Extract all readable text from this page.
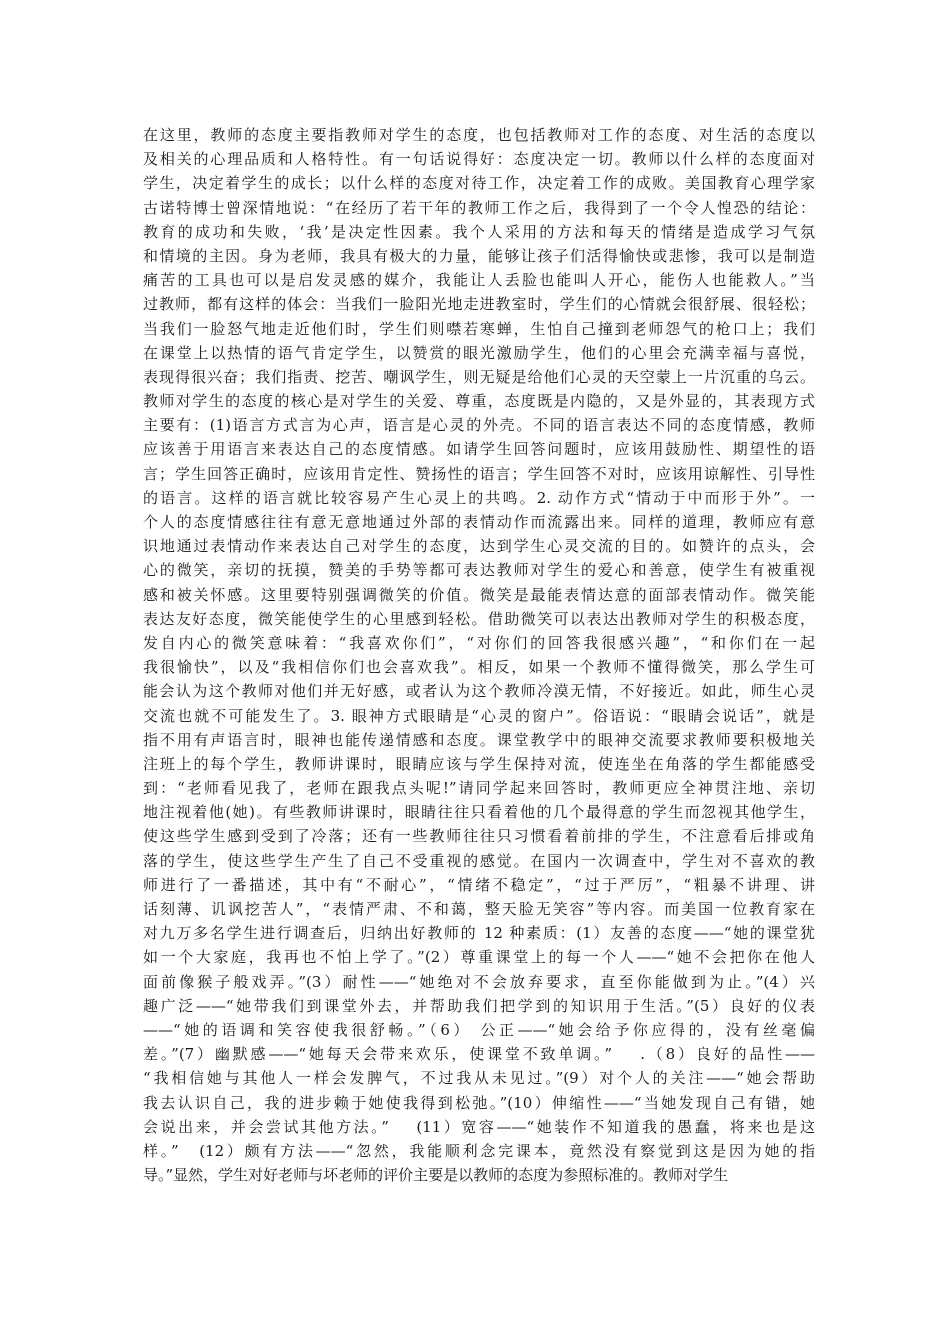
在这里，教师的态度主要指教师对学生的态度，也包括教师对工作的态度、对生活的态度以
及相关的心理品质和人格特性。有一句话说得好：态度决定一切。教师以什么样的态度面对
学生，决定着学生的成长；以什么样的态度对待工作，决定着工作的成败。美国教育心理学家
古诺特博士曾深情地说：“在经历了若干年的教师工作之后，我得到了一个令人惶恐的结论：
教育的成功和失败，‘我’是决定性因素。我个人采用的方法和每天的情绪是造成学习气氛
和情境的主因。身为老师，我具有极大的力量，能够让孩子们活得愉快或悲惨，我可以是制造
痛苦的工具也可以是启发灵感的媒介，我能让人丢脸也能叫人开心，能伤人也能救人。”当
过教师，都有这样的体会：当我们一脸阳光地走进教室时，学生们的心情就会很舒展、很轻松；
当我们一脸怒气地走近他们时，学生们则噤若寒蝉，生怕自己撞到老师怨气的枪口上；我们
在课堂上以热情的语气肯定学生，以赞赏的眼光激励学生，他们的心里会充满幸福与喜悦，
表现得很兴奋；我们指责、挖苦、嘲讽学生，则无疑是给他们心灵的天空蒙上一片沉重的乌云。
教师对学生的态度的核心是对学生的关爱、尊重，态度既是内隐的，又是外显的，其表现方式
主要有：(1)语言方式言为心声，语言是心灵的外壳。不同的语言表达不同的态度情感，教师
应该善于用语言来表达自己的态度情感。如请学生回答问题时，应该用鼓励性、期望性的语
言；学生回答正确时，应该用肯定性、赞扬性的语言；学生回答不对时，应该用谅解性、引导性
的语言。这样的语言就比较容易产生心灵上的共鸣。2. 动作方式“情动于中而形于外”。一
个人的态度情感往往有意无意地通过外部的表情动作而流露出来。同样的道理，教师应有意
识地通过表情动作来表达自己对学生的态度，达到学生心灵交流的目的。如赞许的点头，会
心的微笑，亲切的抚摸，赞美的手势等都可表达教师对学生的爱心和善意，使学生有被重视
感和被关怀感。这里要特别强调微笑的价值。微笑是最能表情达意的面部表情动作。微笑能
表达友好态度，微笑能使学生的心里感到轻松。借助微笑可以表达出教师对学生的积极态度，
发自内心的微笑意味着：“我喜欢你们”，“对你们的回答我很感兴趣”，“和你们在一起
我很愉快”，以及“我相信你们也会喜欢我”。相反，如果一个教师不懂得微笑，那么学生可
能会认为这个教师对他们并无好感，或者认为这个教师冷漠无情，不好接近。如此，师生心灵
交流也就不可能发生了。3. 眼神方式眼睛是“心灵的窗户”。俗语说：“眼睛会说话”，就是
指不用有声语言时，眼神也能传递情感和态度。课堂教学中的眼神交流要求教师要积极地关
注班上的每个学生，教师讲课时，眼睛应该与学生保持对流，使连坐在角落的学生都能感受
到：“老师看见我了，老师在跟我点头呢!”请同学起来回答时，教师更应全神贯注地、亲切
地注视着他(她)。有些教师讲课时，眼睛往往只看着他的几个最得意的学生而忽视其他学生，
使这些学生感到受到了冷落；还有一些教师往往只习惯看着前排的学生，不注意看后排或角
落的学生，使这些学生产生了自己不受重视的感觉。在国内一次调查中，学生对不喜欢的教
师进行了一番描述，其中有“不耐心”，“情绪不稳定”，“过于严厉”，“粗暴不讲理、讲
话刻薄、讥讽挖苦人”，“表情严肃、不和蔼，整天脸无笑容”等内容。而美国一位教育家在
对九万多名学生进行调查后，归纳出好教师的 12 种素质：(1）友善的态度——“她的课堂犹
如一个大家庭，我再也不怕上学了。”(2）尊重课堂上的每一个人——“她不会把你在他人
面前像猴子般戏弄。”(3）耐性——“她绝对不会放弃要求，直至你能做到为止。”(4）兴
趣广泛——“她带我们到课堂外去，并帮助我们把学到的知识用于生活。”(5）良好的仪表
——“她的语调和笑容使我很舒畅。”（6） 公正——“她会给予你应得的，没有丝毫偏
差。”(7）幽默感——“她每天会带来欢乐，使课堂不致单调。”　 .（8）良好的品性——
“我相信她与其他人一样会发脾气，不过我从未见过。”(9）对个人的关注——“她会帮助
我去认识自己，我的进步赖于她使我得到松弛。”(10）伸缩性——“当她发现自己有错，她
会说出来，并会尝试其他方法。”　 (11）宽容——“她装作不知道我的愚蠢，将来也是这
样。”　(12）颇有方法——“忽然，我能顺利念完课本，竟然没有察觉到这是因为她的指
导。”显然，学生对好老师与坏老师的评价主要是以教师的态度为参照标准的。教师对学生
